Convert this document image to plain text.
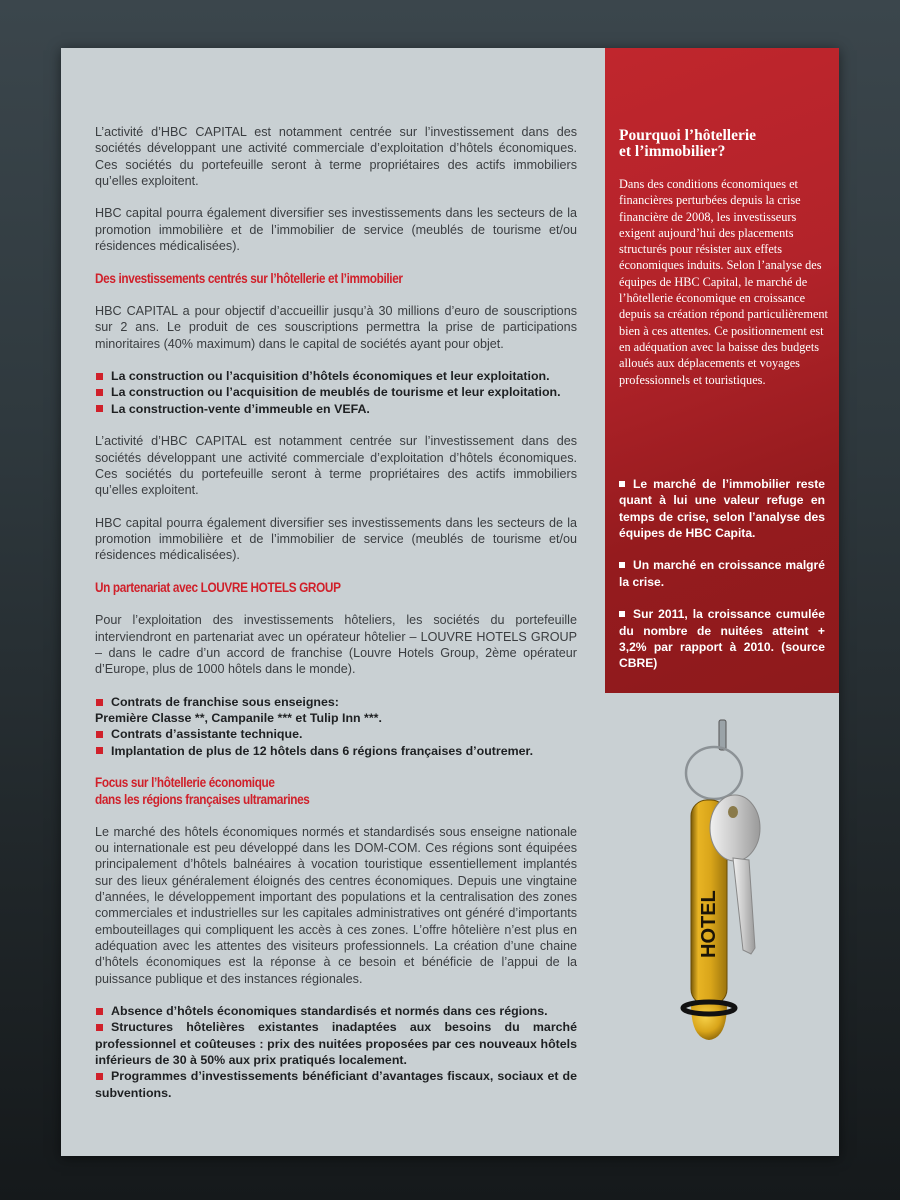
L’activité d’HBC CAPITAL est notamment centrée sur l’investissement dans des sociétés développant une activité commerciale d’exploitation d’hôtels économiques. Ces sociétés du portefeuille seront à terme propriétaires des actifs immobiliers qu’elles exploitent.

HBC capital pourra également diversifier ses investissements dans les secteurs de la promotion immobilière et de l’immobilier de service (meublés de tourisme et/ou résidences médicalisées).

Des investissements centrés sur l’hôtellerie et l’immobilier

HBC CAPITAL a pour objectif d’accueillir jusqu’à 30 millions d’euro de souscriptions sur 2 ans. Le produit de ces souscriptions permettra la prise de participations minoritaires (40% maximum) dans le capital de sociétés ayant pour objet.

La construction ou l’acquisition d’hôtels économiques et leur exploitation.
La construction ou l’acquisition de meublés de tourisme et leur exploitation.
La construction-vente d’immeuble en VEFA.

L’activité d’HBC CAPITAL est notamment centrée sur l’investissement dans des sociétés développant une activité commerciale d’exploitation d’hôtels économiques. Ces sociétés du portefeuille seront à terme propriétaires des actifs immobiliers qu’elles exploitent.

HBC capital pourra également diversifier ses investissements dans les secteurs de la promotion immobilière et de l’immobilier de service (meublés de tourisme et/ou résidences médicalisées).

Un partenariat avec LOUVRE HOTELS GROUP

Pour l’exploitation des investissements hôteliers, les sociétés du portefeuille interviendront en partenariat avec un opérateur hôtelier – LOUVRE HOTELS GROUP – dans le cadre d’un accord de franchise (Louvre Hotels Group, 2ème opérateur d’Europe, plus de 1000 hôtels dans le monde).

Contrats de franchise sous enseignes:
Première Classe **, Campanile *** et Tulip Inn ***.
Contrats d’assistante technique.
Implantation de plus de 12 hôtels dans 6 régions françaises d’outremer.
Focus sur l’hôtellerie économique
dans les régions françaises ultramarines

Le marché des hôtels économiques normés et standardisés sous enseigne nationale ou internationale est peu développé dans les DOM-COM. Ces régions sont équipées principalement d’hôtels balnéaires à vocation touristique essentiellement implantés sur des lieux généralement éloignés des centres économiques. Depuis une vingtaine d’années, le développement important des populations et la centralisation des zones commerciales et industrielles sur les capitales administratives ont généré d’importants embouteillages qui compliquent les accès à ces zones. L’offre hôtelière n’est plus en adéquation avec les attentes des visiteurs professionnels. La création d’une chaine d’hôtels économiques est la réponse à ce besoin et bénéficie de l’appui de la puissance publique et des instances régionales.

Absence d’hôtels économiques standardisés et normés dans ces régions.
Structures hôtelières existantes inadaptées aux besoins du marché professionnel et coûteuses : prix des nuitées proposées par ces nouveaux hôtels inférieurs de 30 à 50% aux prix pratiqués localement.
Programmes d’investissements bénéficiant d’avantages fiscaux, sociaux et de subventions.
Pourquoi l’hôtellerie
et l’immobilier?
Dans des conditions économiques et financières perturbées depuis la crise financière de 2008, les investisseurs exigent aujourd’hui des placements structurés pour résister aux effets économiques induits. Selon l’analyse des équipes de HBC Capital, le marché de l’hôtellerie économique en croissance depuis sa création répond particulièrement bien à ces attentes. Ce positionnement est en adéquation avec la baisse des budgets alloués aux déplacements et voyages professionnels et touristiques.
Le marché de l’immobilier reste quant à lui une valeur refuge en temps de crise, selon l’analyse des équipes de HBC Capita.
Un marché en croissance malgré la crise.
Sur 2011, la croissance cumulée du nombre de nuitées atteint + 3,2% par rapport à 2010. (source CBRE)
HOTEL
